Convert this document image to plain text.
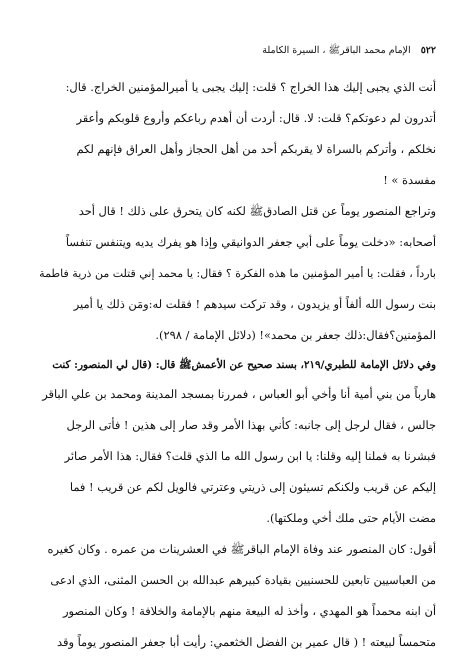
٥٢٢
الإمام محمد الباقرﷺ ، السيرة الكاملة

أنت الذي يجبى إليك هذا الخراج ؟ قلت: إليك يجبى يا أميرالمؤمنين الخراج. قال:
أتدرون لم دعوتكم؟ قلت: لا. قال: أردت أن أهدم رباعكم وأروع قلوبكم وأعقر
نخلكم ، وأتركم بالسراة لا يقربكم أحد من أهل الحجاز وأهل العراق فإنهم لكم
مفسدة » !

وتراجع المنصور يوماً عن قتل الصادقﷺ لكنه كان يتحرق على ذلك ! قال أحد
أصحابه: «دخلت يوماً على أبي جعفر الدوانيقي وإذا هو يفرك يديه ويتنفس تنفساً
بارداً ، فقلت: يا أمير المؤمنين ما هذه الفكرة ؟ فقال: يا محمد إني قتلت من ذرية فاطمة
بنت رسول الله ألفاً أو يزيدون ، وقد تركت سيدهم ! فقلت له:ومَن ذلك يا أمير
المؤمنين؟فقال:ذلك جعفر بن محمد»! (دلائل الإمامة / ٢٩٨).

وفي دلائل الإمامة للطبري/٢١٩، بسند صحيح عن الأعمشﷺ قال: (قال لي المنصور: كنت
هارباً من بني أمية أنا وأخي أبو العباس ، فمررنا بمسجد المدينة ومحمد بن علي الباقر
جالس ، فقال لرجل إلى جانبه: كأني بهذا الأمر وقد صار إلى هذين ! فأتى الرجل
فبشرنا به فملنا إليه وقلنا: يا ابن رسول الله ما الذي قلت؟ فقال: هذا الأمر صائر
إليكم عن قريب ولكنكم تسيئون إلى ذريتي وعترتي فالويل لكم عن قريب ! فما
مضت الأيام حتى ملك أخي وملكتها).

أقول: كان المنصور عند وفاة الإمام الباقرﷺ في العشرينات من عمره . وكان كغيره
من العباسيين تابعين للحسنيين بقيادة كبيرهم عبدالله بن الحسن المثنى، الذي ادعى
أن ابنه محمداً هو المهدي ، وأخذ له البيعة منهم بالإمامة والخلافة ! وكان المنصور
متحمساً لبيعته ! ( قال عمير بن الفضل الخثعمي: رأيت أبا جعفر المنصور يوماً وقد
